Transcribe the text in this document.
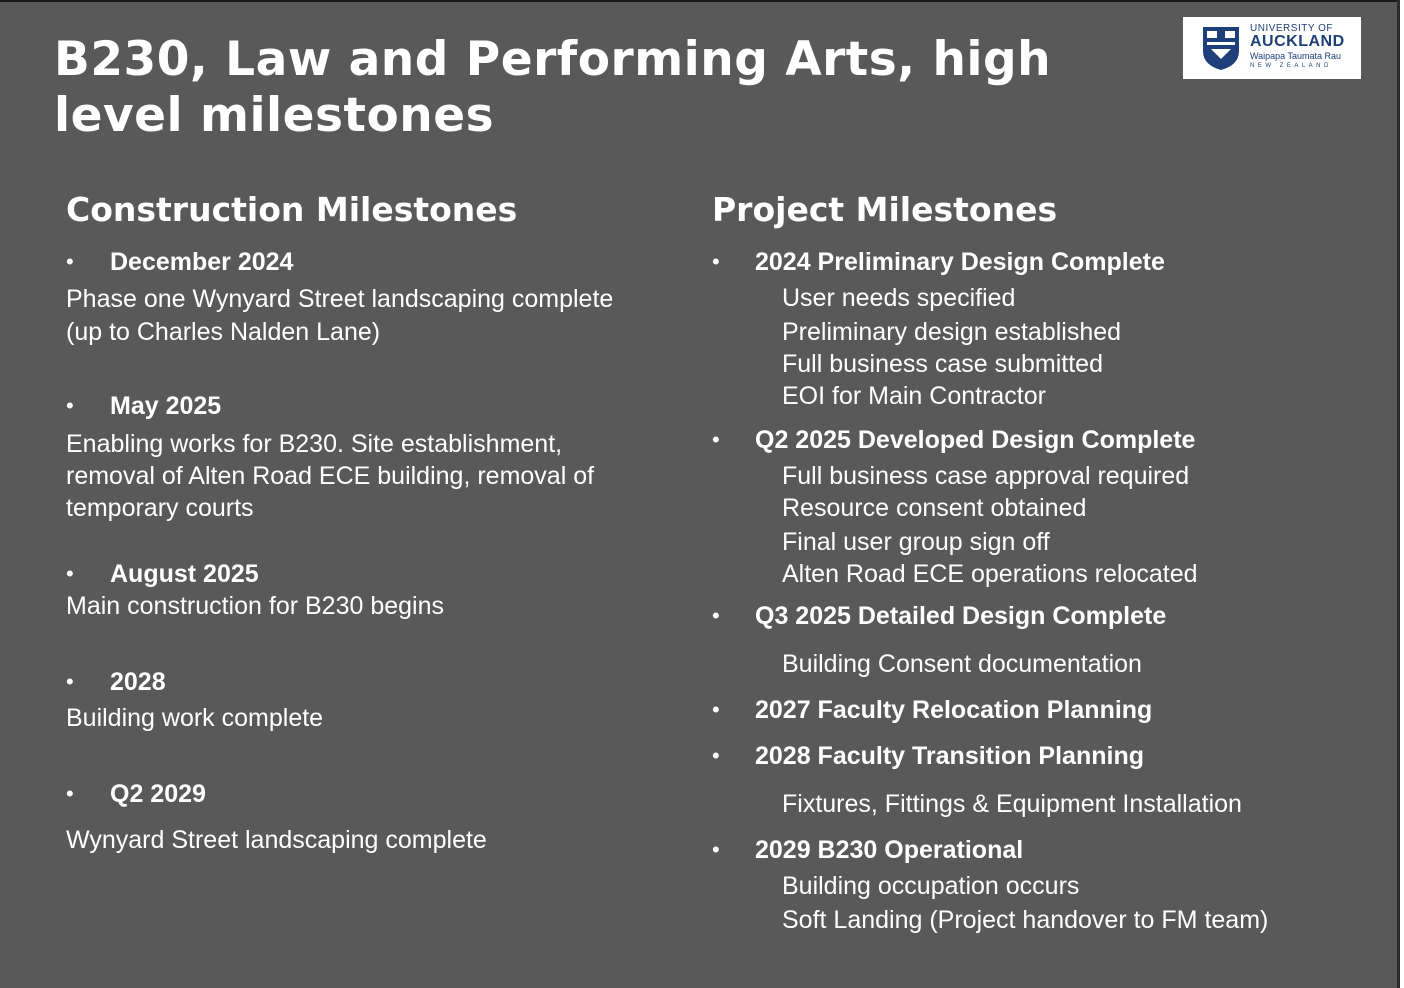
B230, Law and Performing Arts, high level milestones
UNIVERSITY OF
AUCKLAND
Waipapa Taumata Rau
NEW ZEALAND
Construction Milestones
• December 2024
Phase one Wynyard Street landscaping complete
(up to Charles Nalden Lane)
• May 2025
Enabling works for B230. Site establishment,
removal of Alten Road ECE building, removal of
temporary courts
• August 2025
Main construction for B230 begins
• 2028
Building work complete
• Q2 2029
Wynyard Street landscaping complete
Project Milestones
• 2024 Preliminary Design Complete
User needs specified
Preliminary design established
Full business case submitted
EOI for Main Contractor
• Q2 2025 Developed Design Complete
Full business case approval required
Resource consent obtained
Final user group sign off
Alten Road ECE operations relocated
• Q3 2025 Detailed Design Complete
Building Consent documentation
• 2027 Faculty Relocation Planning
• 2028 Faculty Transition Planning
Fixtures, Fittings & Equipment Installation
• 2029 B230 Operational
Building occupation occurs
Soft Landing (Project handover to FM team)
